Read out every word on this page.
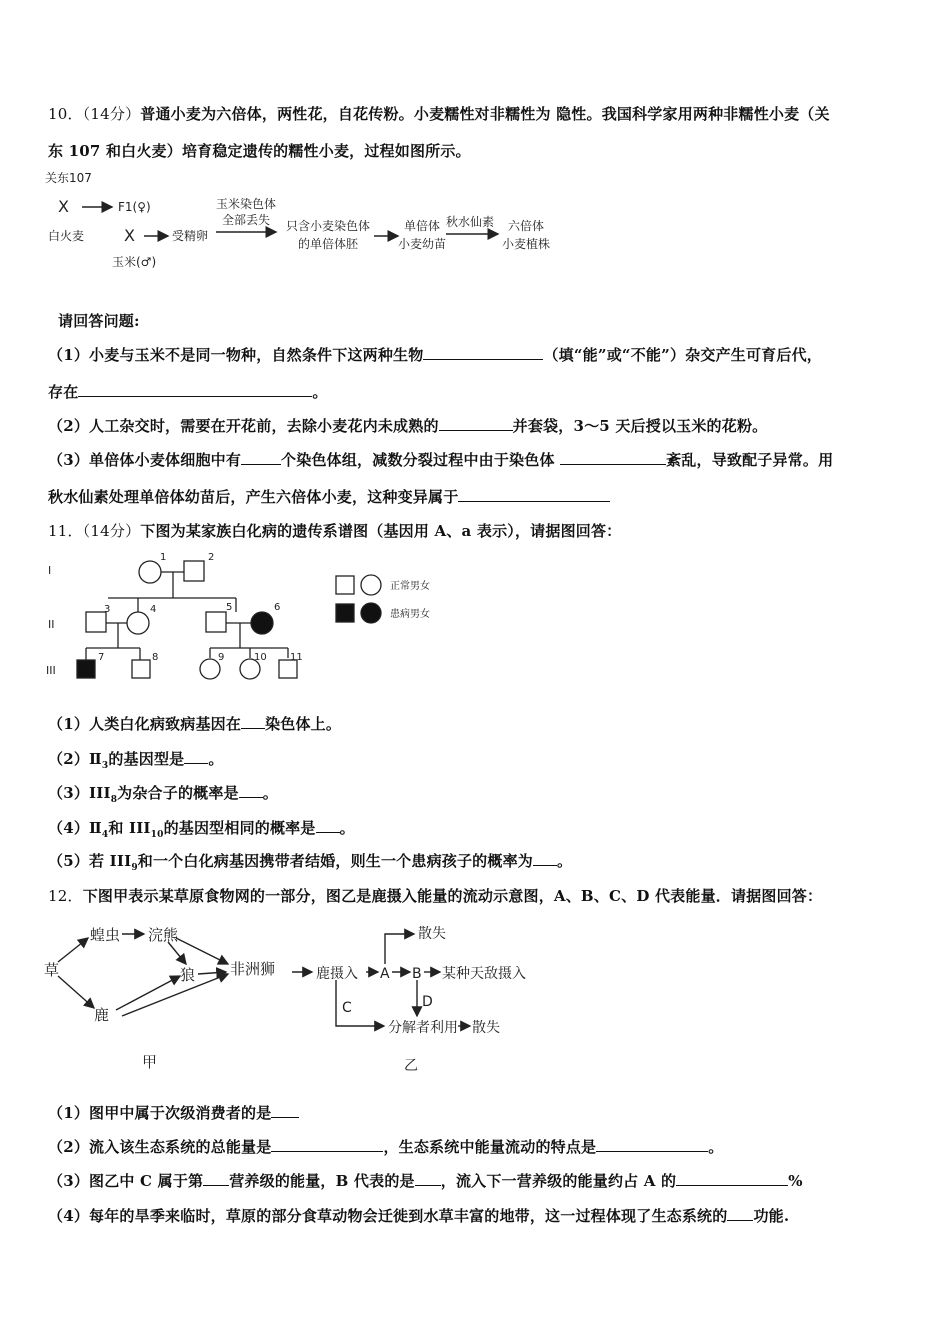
10．（14分）普通小麦为六倍体，两性花，自花传粉。小麦糯性对非糯性为 隐性。我国科学家用两种非糯性小麦（关
东 107 和白火麦）培育稳定遗传的糯性小麦，过程如图所示。
关东107
X	F1(♀)
白火麦 X	受精卵
玉米(♂)
玉米染色体
全部丢失 只含小麦染色体
的单倍体胚
单倍体
小麦幼苗
秋水仙素 六倍体
小麦植株
请回答问题:
（1）小麦与玉米不是同一物种，自然条件下这两种生物	（填“能”或“不能”）杂交产生可育后代，
存在	。
（2）人工杂交时，需要在开花前，去除小麦花内未成熟的	并套袋，3～5 天后授以玉米的花粉。
（3）单倍体小麦体细胞中有	个染色体组，减数分裂过程中由于染色体	紊乱，导致配子异常。用
秋水仙素处理单倍体幼苗后，产生六倍体小麦，这种变异属于
11．（14分）下图为某家族白化病的遗传系谱图（基因用 A、a 表示），请据图回答：
I
II
III
1	2
3	4	5	6
7	8	9	10 11
正常男女
患病男女
（1）人类白化病致病基因在 染色体上。
$(2)Ⅱ_3$的基因型是 。
$(3)III_8$为杂合子的概率是 。
$(4)Ⅱ_4$和 $III_{10}$的基因型相同的概率是 。
（5）若 $III_9$和一个白化病基因携带者结婚，则生一个患病孩子的概率为 。
12．下图甲表示某草原食物网的一部分，图乙是鹿摄入能量的流动示意图，A、B、C、D 代表能量．请据图回答：
草
蝗虫 浣熊
狼 非洲狮
鹿
甲
鹿摄入 A B
C	D
散失
某种天敌摄入
分解者利用 散失
乙
（1）图甲中属于次级消费者的是
（2）流入该生态系统的总能量是	，生态系统中能量流动的特点是	。
（3）图乙中 C 属于第 营养级的能量，B 代表的是 ，流入下一营养级的能量约占 A 的	%
（4）每年的旱季来临时，草原的部分食草动物会迁徙到水草丰富的地带，这一过程体现了生态系统的 功能.
